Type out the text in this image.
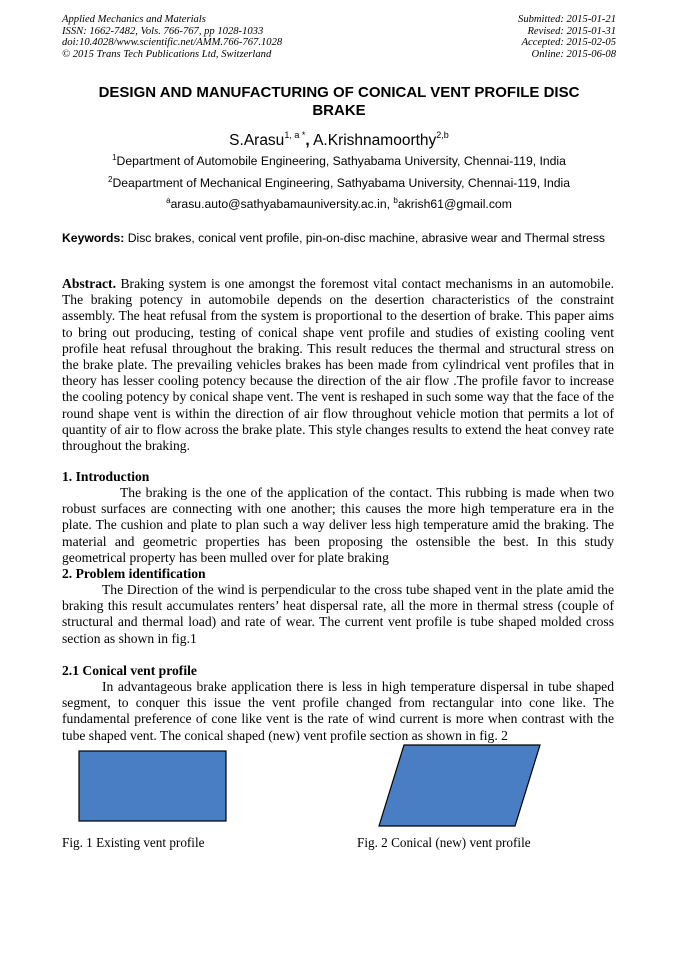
Applied Mechanics and Materials	Submitted: 2015-01-21
ISSN: 1662-7482, Vols. 766-767, pp 1028-1033	Revised: 2015-01-31
doi:10.4028/www.scientific.net/AMM.766-767.1028	Accepted: 2015-02-05
© 2015 Trans Tech Publications Ltd, Switzerland	Online: 2015-06-08
DESIGN AND MANUFACTURING OF CONICAL VENT PROFILE DISC
BRAKE
S.Arasu$^{1, a *}$, A.Krishnamoorthy$^{2,b}$
$^1$Department of Automobile Engineering, Sathyabama University, Chennai-119, India
$^2$Deapartment of Mechanical Engineering, Sathyabama University, Chennai-119, India
$^a$arasu.auto@sathyabamauniversity.ac.in, $^b$akrish61@gmail.com
Keywords: Disc brakes, conical vent profile, pin-on-disc machine, abrasive wear and Thermal stress
Abstract. Braking system is one amongst the foremost vital contact mechanisms in an automobile. The braking potency in automobile depends on the desertion characteristics of the constraint assembly. The heat refusal from the system is proportional to the desertion of brake. This paper aims to bring out producing, testing of conical shape vent profile and studies of existing cooling vent profile heat refusal throughout the braking. This result reduces the thermal and structural stress on the brake plate. The prevailing vehicles brakes has been made from cylindrical vent profiles that in theory has lesser cooling potency because the direction of the air flow .The profile favor to increase the cooling potency by conical shape vent. The vent is reshaped in such some way that the face of the round shape vent is within the direction of air flow throughout vehicle motion that permits a lot of quantity of air to flow across the brake plate. This style changes results to extend the heat convey rate throughout the braking.
1. Introduction
The braking is the one of the application of the contact. This rubbing is made when two robust surfaces are connecting with one another; this causes the more high temperature era in the plate. The cushion and plate to plan such a way deliver less high temperature amid the braking. The material and geometric properties has been proposing the ostensible the best. In this study geometrical property has been mulled over for plate braking
2. Problem identification
The Direction of the wind is perpendicular to the cross tube shaped vent in the plate amid the braking this result accumulates renters’ heat dispersal rate, all the more in thermal stress (couple of structural and thermal load) and rate of wear. The current vent profile is tube shaped molded cross section as shown in fig.1
2.1 Conical vent profile
In advantageous brake application there is less in high temperature dispersal in tube shaped segment, to conquer this issue the vent profile changed from rectangular into cone like. The fundamental preference of cone like vent is the rate of wind current is more when contrast with the tube shaped vent. The conical shaped (new) vent profile section as shown in fig. 2
Fig. 1 Existing vent profile	Fig. 2 Conical (new) vent profile
